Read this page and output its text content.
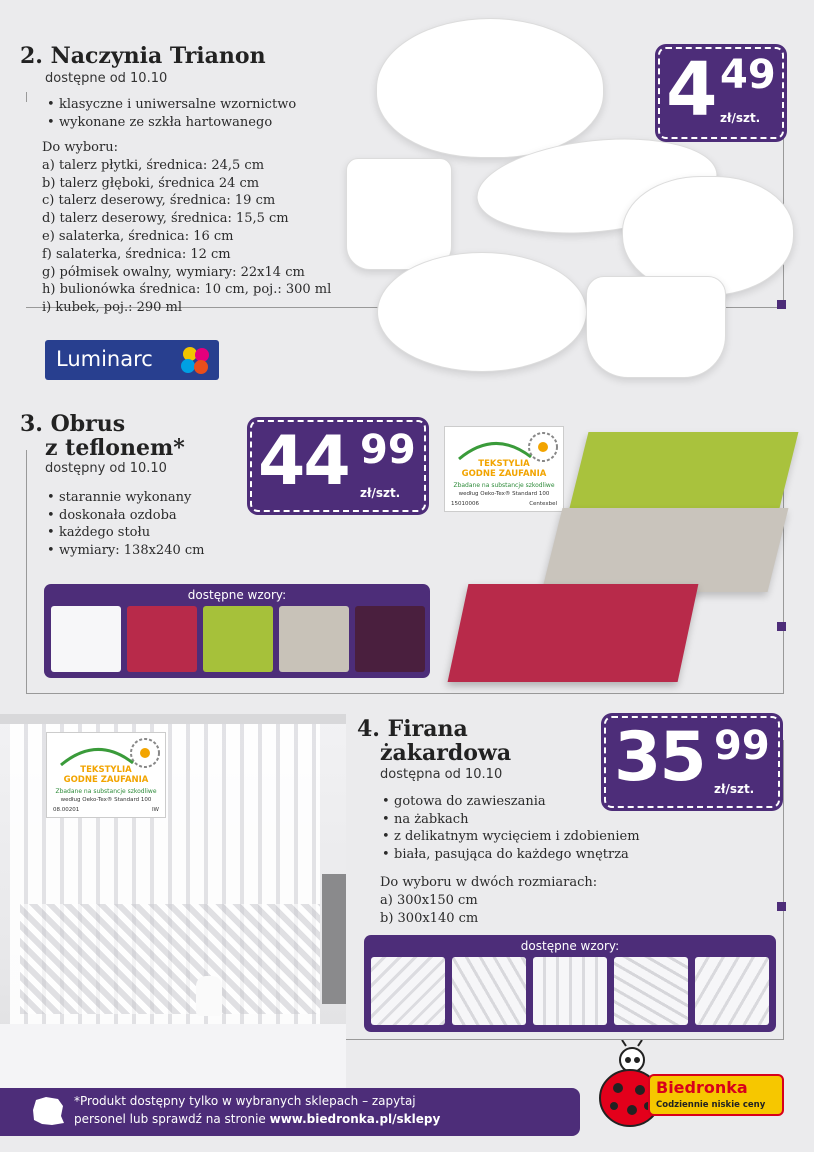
2. Naczynia Trianon
dostępne od 10.10
• klasyczne i uniwersalne wzornictwo
• wykonane ze szkła hartowanego
Do wyboru:
a) talerz płytki, średnica: 24,5 cm
b) talerz głęboki, średnica 24 cm
c) talerz deserowy, średnica: 19 cm
d) talerz deserowy, średnica: 15,5 cm
e) salaterka, średnica: 16 cm
f) salaterka, średnica: 12 cm
g) półmisek owalny, wymiary: 22x14 cm
h) bulionówka średnica: 10 cm, poj.: 300 ml
i) kubek, poj.: 290 ml
Luminarc
4 49
zł/szt.
3. Obrus
z teflonem*
dostępny od 10.10
• starannie wykonany
• doskonała ozdoba
• każdego stołu
• wymiary: 138x240 cm
44 99
zł/szt.
TEKSTYLIA
GODNE ZAUFANIA
Zbadane na substancje szkodliwe
według Oeko-Tex® Standard 100
15010006	Centexbel
dostępne wzory:
TEKSTYLIA
GODNE ZAUFANIA
Zbadane na substancje szkodliwe
według Oeko-Tex® Standard 100
08.00201	IW
4. Firana
żakardowa
dostępna od 10.10
• gotowa do zawieszania
• na żabkach
• z delikatnym wycięciem i zdobieniem
• biała, pasująca do każdego wnętrza
Do wyboru w dwóch rozmiarach:
a) 300x150 cm
b) 300x140 cm
35 99
zł/szt.
dostępne wzory:
*Produkt dostępny tylko w wybranych sklepach – zapytaj
personel lub sprawdź na stronie www.biedronka.pl/sklepy
Biedronka
Codziennie niskie ceny
